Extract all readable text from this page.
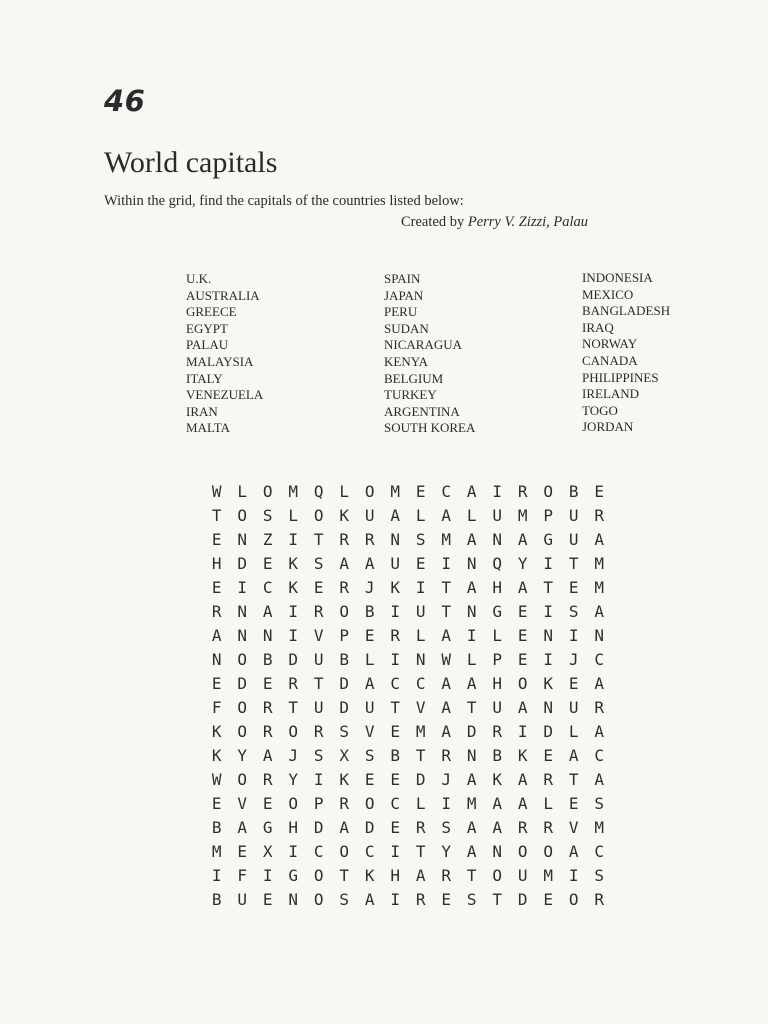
46
World capitals
Within the grid, find the capitals of the countries listed below:
Created by Perry V. Zizzi, Palau
U.K.
AUSTRALIA
GREECE
EGYPT
PALAU
MALAYSIA
ITALY
VENEZUELA
IRAN
MALTA
SPAIN
JAPAN
PERU
SUDAN
NICARAGUA
KENYA
BELGIUM
TURKEY
ARGENTINA
SOUTH KOREA
INDONESIA
MEXICO
BANGLADESH
IRAQ
NORWAY
CANADA
PHILIPPINES
IRELAND
TOGO
JORDAN
W L O M Q L O M E C A I R O B E
T O S L O K U A L A L U M P U R
E N Z I T R R N S M A N A G U A
H D E K S A A U E I N Q Y I T M
E I C K E R J K I T A H A T E M
R N A I R O B I U T N G E I S A
A N N I V P E R L A I L E N I N
N O B D U B L I N W L P E I J C
E D E R T D A C C A A H O K E A
F O R T U D U T V A T U A N U R
K O R O R S V E M A D R I D L A
K Y A J S X S B T R N B K E A C
W O R Y I K E E D J A K A R T A
E V E O P R O C L I M A A L E S
B A G H D A D E R S A A R R V M
M E X I C O C I T Y A N O O A C
I F I G O T K H A R T O U M I S
B U E N O S A I R E S T D E O R
